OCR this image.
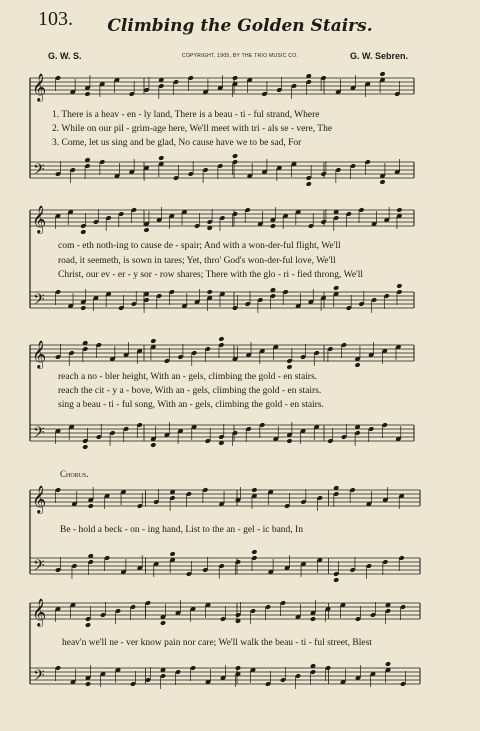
103.	Climbing the Golden Stairs.
G. W. S.	COPYRIGHT, 1905, BY THE TRIO MUSIC CO.	G. W. Sebren.
𝄞
𝄢
𝄞
𝄢
𝄞
𝄢
𝄞
𝄢
𝄞
𝄢
1. There is a heav - en - ly land, There is a beau - ti - ful strand, Where
2. While on our pil - grim-age here, We'll meet with tri - als se - vere, The
3. Come, let us sing and be glad, No cause have we to be sad, For
com - eth noth-ing to cause de - spair; And with a won-der-ful flight, We'll
road, it seemeth, is sown in tares; Yet, thro' God's won-der-ful love, We'll
Christ, our ev - er - y sor - row shares; There with the glo - ri - fied throng, We'll
reach a no - bler height, With an - gels, climbing the gold - en stairs.
reach the cit - y a - bove, With an - gels, climbing the gold - en stairs.
sing a beau - ti - ful song, With an - gels, climbing the gold - en stairs.
Chorus.
Be - hold a beck - on - ing hand, List to the an - gel - ic band, In
heav'n we'll ne - ver know pain nor care; We'll walk the beau - ti - ful street, Blest
